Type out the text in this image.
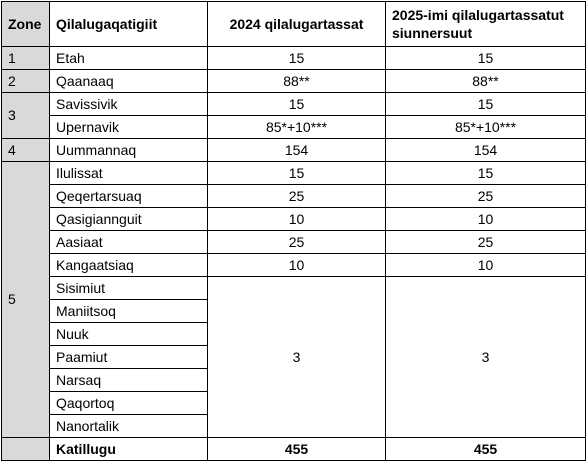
Zone	Qilalugaqatigiit	2024 qilalugartassat	2025-imi qilalugartassatut siunnersuut
1	Etah	15	15
2	Qaanaaq	88**	88**
3	Savissivik	15	15
	Upernavik	85*+10***	85*+10***
4	Uummannaq	154	154
5	Ilulissat	15	15
	Qeqertarsuaq	25	25
	Qasigiannguit	10	10
	Aasiaat	25	25
	Kangaatsiaq	10	10
	Sisimiut	3	3
	Maniitsoq		
	Nuuk		
	Paamiut		
	Narsaq		
	Qaqortoq		
	Nanortalik		
	Katillugu	455	455
